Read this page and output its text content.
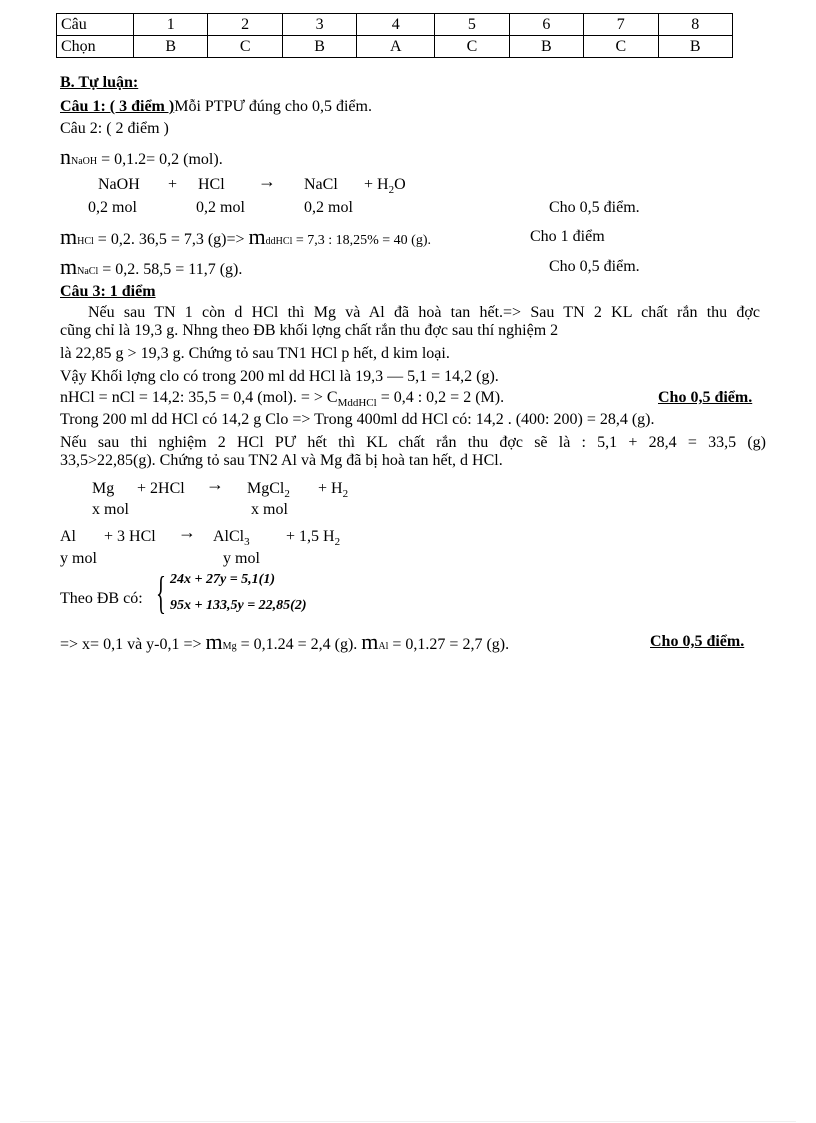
Câu	1	2	3	4	5	6	7	8
Chọn	B	C	B	A	C	B	C	B
B. Tự luận:
Câu 1: ( 3 điểm )Mỗi PTPƯ đúng cho 0,5 điểm.
Câu 2: ( 2 điểm )
nNaOH = 0,1.2= 0,2 (mol).
NaOH + HCl → NaCl + $H_2O$
0,2 mol	0,2 mol	0,2 mol	Cho 0,5 điểm.
mHCl = 0,2. 36,5 = 7,3 (g)=> mddHCl = 7,3 : 18,25% = 40 (g).	Cho 1 điểm
mNaCl = 0,2. 58,5 = 11,7 (g).	Cho 0,5 điểm.
Câu 3: 1 điểm
Nếu sau TN 1 còn d HCl thì Mg và Al đã hoà tan hết.=> Sau TN 2 KL chất rắn thu đợc
cũng chỉ là 19,3 g. Nhng theo ĐB khối lợng chất rắn thu đợc sau thí nghiệm 2
là 22,85 g > 19,3 g. Chứng tỏ sau TN1 HCl p hết, d kim loại.
Vậy Khối lợng clo có trong 200 ml dd HCl là 19,3 — 5,1 = 14,2 (g).
nHCl = nCl = 14,2: 35,5 = 0,4 (mol). = > $C_{MddHCl} = 0,4$ : 0,2 = 2 (M).	Cho 0,5 điểm.
Trong 200 ml dd HCl có 14,2 g Clo => Trong 400ml dd HCl có: 14,2 . (400: 200) = 28,4 (g).
Nếu sau thi nghiệm 2 HCl PƯ hết thì KL chất rắn thu đợc sẽ là : 5,1 + 28,4 = 33,5 (g)
33,5>22,85(g). Chứng tỏ sau TN2 Al và Mg đã bị hoà tan hết, d HCl.
Mg + 2HCl → MgCl$_2$ + $H_2$
x mol	x mol
Al + 3 HCl → AlCl$_3$ + 1,5 $H_2$
y mol	y mol
Theo ĐB có: { 24x + 27y = 5,1(1)
95x + 133,5y = 22,85(2)
=> x= 0,1 và y-0,1 => mMg = 0,1.24 = 2,4 (g). mAl = 0,1.27 = 2,7 (g).	Cho 0,5 điểm.
